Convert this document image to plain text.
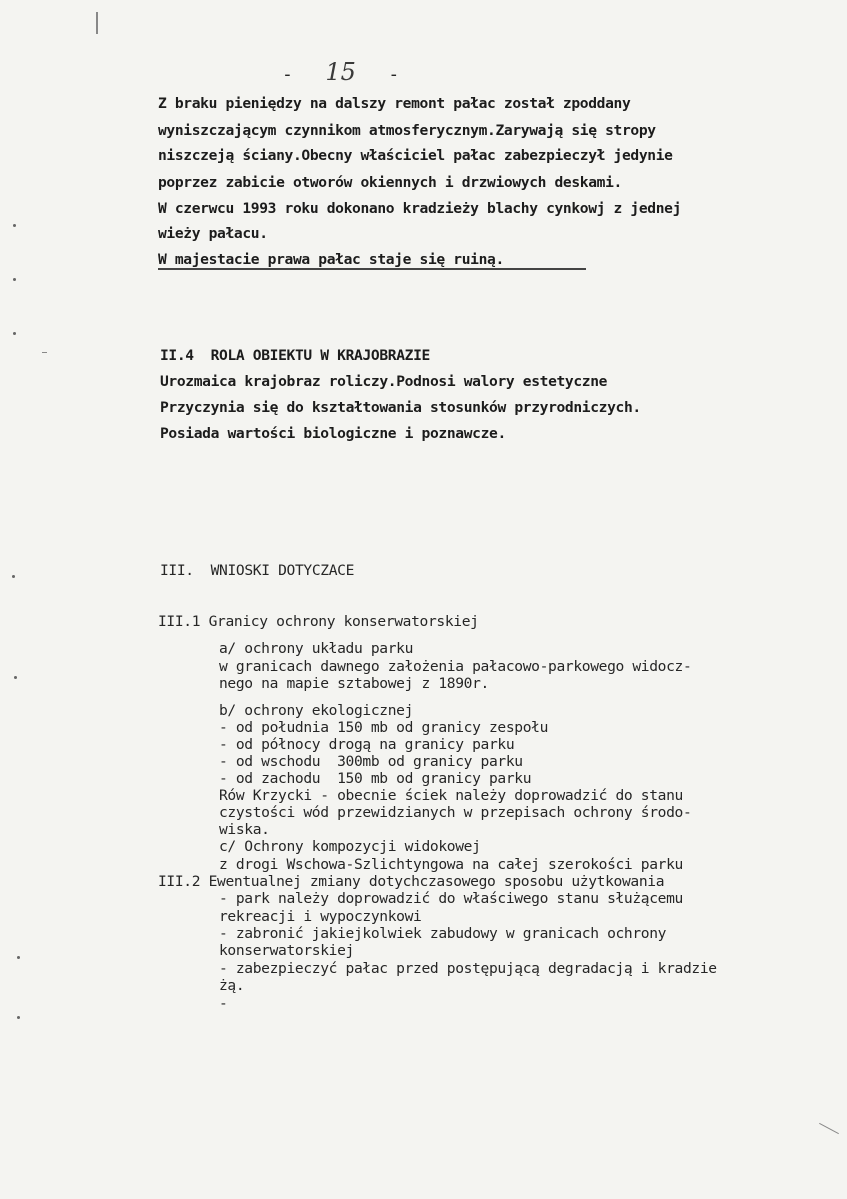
- 15 -
Z braku pieniędzy na dalszy remont pałac został zpoddany
wyniszczającym czynnikom atmosferycznym.Zarywają się stropy
niszczeją ściany.Obecny właściciel pałac zabezpieczył jedynie
poprzez zabicie otworów okiennych i drzwiowych deskami.
W czerwcu 1993 roku dokonano kradzieży blachy cynkowj z jednej
wieży pałacu.
W majestacie prawa pałac staje się ruiną.
II.4  ROLA OBIEKTU W KRAJOBRAZIE
Urozmaica krajobraz roliczy.Podnosi walory estetyczne
Przyczynia się do kształtowania stosunków przyrodniczych.
Posiada wartości biologiczne i poznawcze.
III.  WNIOSKI DOTYCZACE
III.1 Granicy ochrony konserwatorskiej
a/ ochrony układu parku
w granicach dawnego założenia pałacowo-parkowego widocz-
nego na mapie sztabowej z 1890r.
b/ ochrony ekologicznej
- od południa 150 mb od granicy zespołu
- od północy drogą na granicy parku
- od wschodu  300mb od granicy parku
- od zachodu  150 mb od granicy parku
Rów Krzycki - obecnie ściek należy doprowadzić do stanu
czystości wód przewidzianych w przepisach ochrony środo-
wiska.
c/ Ochrony kompozycji widokowej
z drogi Wschowa-Szlichtyngowa na całej szerokości parku
III.2 Ewentualnej zmiany dotychczasowego sposobu użytkowania
- park należy doprowadzić do właściwego stanu służącemu
rekreacji i wypoczynkowi
- zabronić jakiejkolwiek zabudowy w granicach ochrony
konserwatorskiej
- zabezpieczyć pałac przed postępującą degradacją i kradzie
żą.
-
